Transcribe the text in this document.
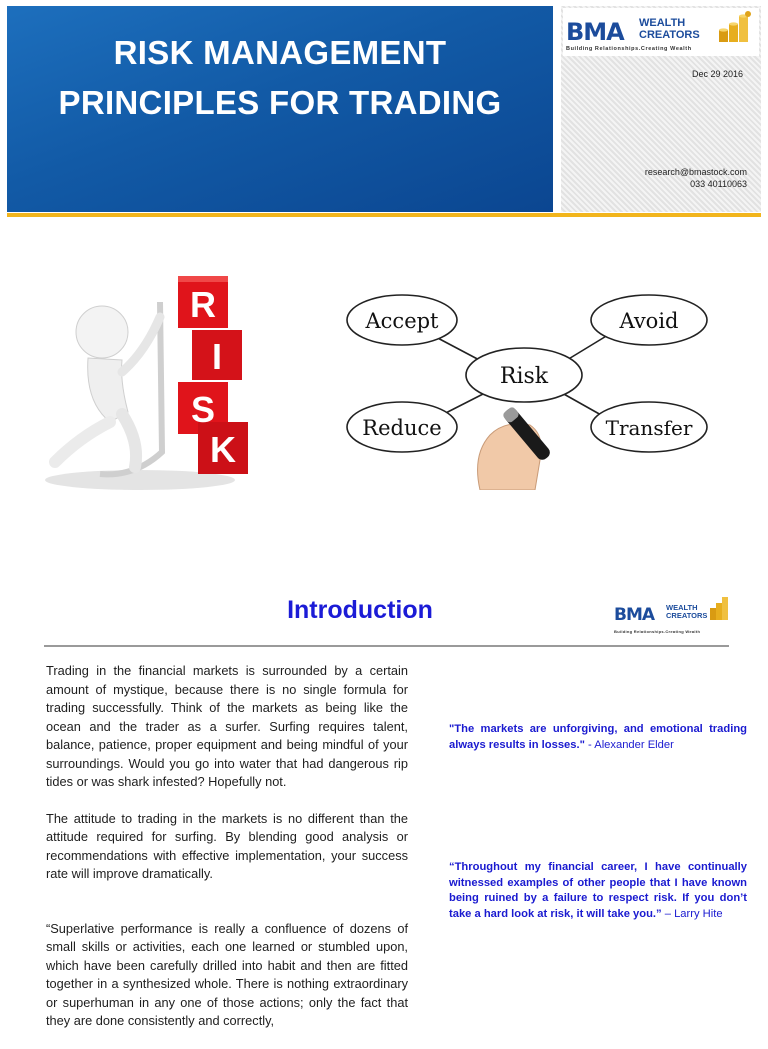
RISK MANAGEMENT
PRINCIPLES FOR TRADING
BMA WEALTH
CREATORS
Building Relationships.Creating Wealth
Dec 29 2016
research@bmastock.com
033 40110063
R
I
S
K
Accept	Avoid
Risk
Reduce	Transfer
Introduction	BMA WEALTH
CREATORS
Building Relationships.Creating Wealth

Trading in the financial markets is surrounded by a certain amount of mystique, because there is no single formula for trading successfully. Think of the markets as being like the ocean and the trader as a surfer. Surfing requires talent, balance, patience, proper equipment and being mindful of your surroundings. Would you go into water that had dangerous rip tides or was shark infested? Hopefully not.

The attitude to trading in the markets is no different than the attitude required for surfing. By blending good analysis or recommendations with effective implementation, your success rate will improve dramatically.

“Superlative performance is really a confluence of dozens of small skills or activities, each one learned or stumbled upon, which have been carefully drilled into habit and then are fitted together in a synthesized whole. There is nothing extraordinary or superhuman in any one of those actions; only the fact that they are done consistently and correctly,

"The markets are unforgiving, and emotional trading always results in losses." - Alexander Elder
“Throughout my financial career, I have continually witnessed examples of other people that I have known being ruined by a failure to respect risk. If you don’t take a hard look at risk, it will take you.” – Larry Hite
